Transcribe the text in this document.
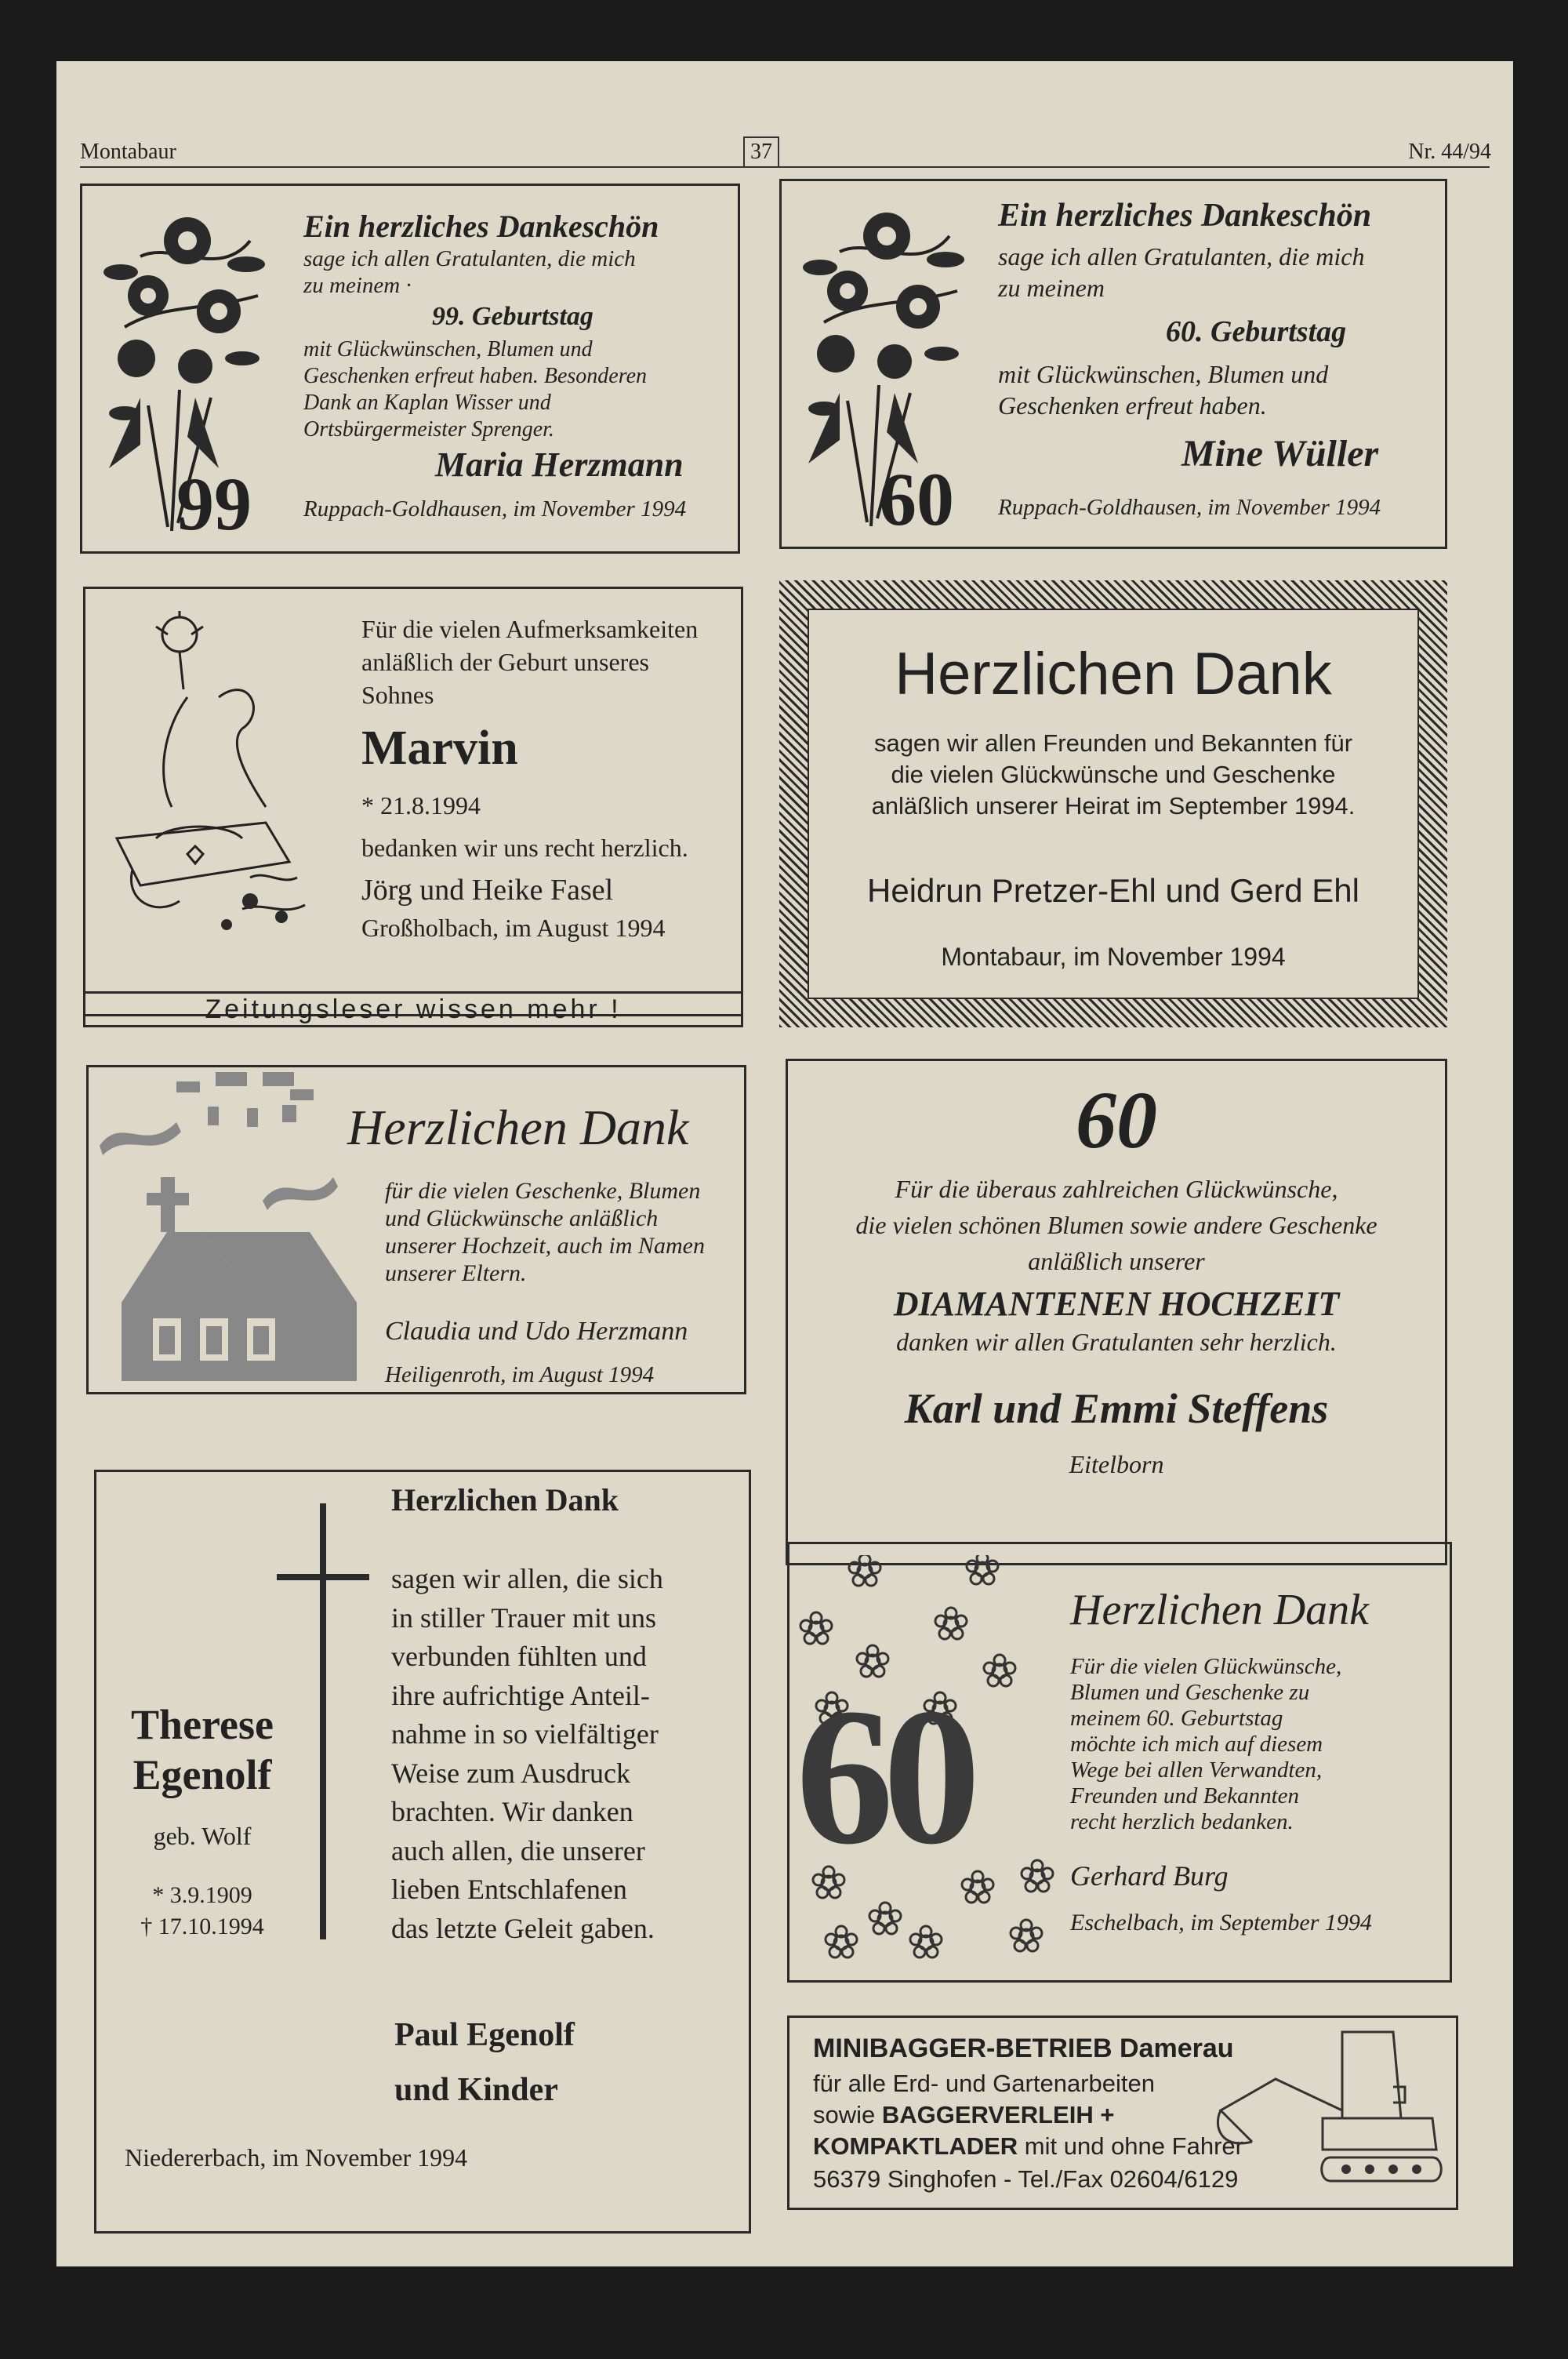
Montabaur	37	Nr. 44/94
99
Ein herzliches Dankeschön
sage ich allen Gratulanten, die mich
zu meinem ·
99. Geburtstag
mit Glückwünschen, Blumen und
Geschenken erfreut haben. Besonderen
Dank an Kaplan Wisser und
Ortsbürgermeister Sprenger.
Maria Herzmann
Ruppach-Goldhausen, im November 1994	60
Ein herzliches Dankeschön
sage ich allen Gratulanten, die mich
zu meinem
60. Geburtstag
mit Glückwünschen, Blumen und
Geschenken erfreut haben.
Mine Wüller
Ruppach-Goldhausen, im November 1994
Für die vielen Aufmerksamkeiten
anläßlich der Geburt unseres
Sohnes
Marvin
* 21.8.1994
bedanken wir uns recht herzlich.
Jörg und Heike Fasel
Großholbach, im August 1994
Zeitungsleser wissen mehr !
Herzlichen Dank
sagen wir allen Freunden und Bekannten für
die vielen Glückwünsche und Geschenke
anläßlich unserer Heirat im September 1994.
Heidrun Pretzer-Ehl und Gerd Ehl
Montabaur, im November 1994
Herzlichen Dank
für die vielen Geschenke, Blumen
und Glückwünsche anläßlich
unserer Hochzeit, auch im Namen
unserer Eltern.
Claudia und Udo Herzmann
Heiligenroth, im August 1994
60
Für die überaus zahlreichen Glückwünsche,
die vielen schönen Blumen sowie andere Geschenke
anläßlich unserer
DIAMANTENEN HOCHZEIT
danken wir allen Gratulanten sehr herzlich.
Karl und Emmi Steffens
Eitelborn
Herzlichen Dank
sagen wir allen, die sich
in stiller Trauer mit uns
verbunden fühlten und
ihre aufrichtige Anteil-
nahme in so vielfältiger
Weise zum Ausdruck
brachten. Wir danken
auch allen, die unserer
lieben Entschlafenen
das letzte Geleit gaben.
Therese
Egenolf
geb. Wolf
* 3.9.1909
† 17.10.1994
Paul Egenolf
und Kinder
Niedererbach, im November 1994
60
Herzlichen Dank
Für die vielen Glückwünsche,
Blumen und Geschenke zu
meinem 60. Geburtstag
möchte ich mich auf diesem
Wege bei allen Verwandten,
Freunden und Bekannten
recht herzlich bedanken.
Gerhard Burg
Eschelbach, im September 1994
MINIBAGGER-BETRIEB Damerau
für alle Erd- und Gartenarbeiten
sowie BAGGERVERLEIH +
KOMPAKTLADER mit und ohne Fahrer
56379 Singhofen - Tel./Fax 02604/6129
